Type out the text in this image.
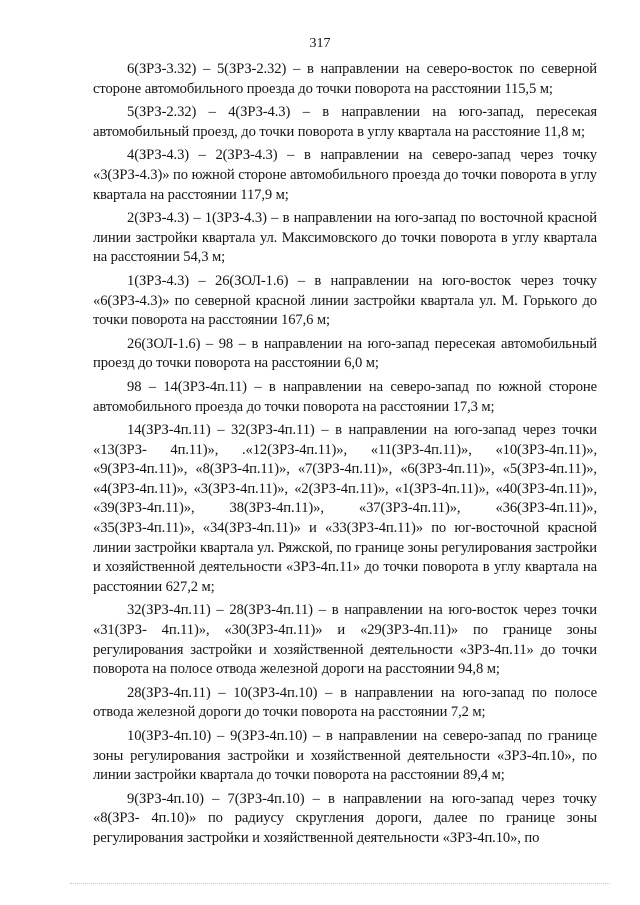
317

6(ЗРЗ-3.32) – 5(ЗРЗ-2.32) – в направлении на северо-восток по северной стороне автомобильного проезда до точки поворота на расстоянии 115,5 м;

5(ЗРЗ-2.32) – 4(ЗРЗ-4.3) – в направлении на юго-запад, пересекая автомобильный проезд, до точки поворота в углу квартала на расстояние 11,8 м;

4(ЗРЗ-4.3) – 2(ЗРЗ-4.3) – в направлении на северо-запад через точку «3(ЗРЗ-4.3)» по южной стороне автомобильного проезда до точки поворота в углу квартала на расстоянии 117,9 м;

2(ЗРЗ-4.3) – 1(ЗРЗ-4.3) – в направлении на юго-запад по восточной красной линии застройки квартала ул. Максимовского до точки поворота в углу квартала на расстоянии 54,3 м;

1(ЗРЗ-4.3) – 26(ЗОЛ-1.6) – в направлении на юго-восток через точку «6(ЗРЗ-4.3)» по северной красной линии застройки квартала ул. М. Горького до точки поворота на расстоянии 167,6 м;

26(ЗОЛ-1.6) – 98 – в направлении на юго-запад пересекая автомобильный проезд до точки поворота на расстоянии 6,0 м;

98 – 14(ЗРЗ-4п.11) – в направлении на северо-запад по южной стороне автомобильного проезда до точки поворота на расстоянии 17,3 м;

14(ЗРЗ-4п.11) – 32(ЗРЗ-4п.11) – в направлении на юго-запад через точки «13(ЗРЗ- 4п.11)», .«12(ЗРЗ-4п.11)», «11(ЗРЗ-4п.11)», «10(ЗРЗ-4п.11)», «9(ЗРЗ-4п.11)», «8(ЗРЗ-4п.11)», «7(ЗРЗ-4п.11)», «6(ЗРЗ-4п.11)», «5(ЗРЗ-4п.11)», «4(ЗРЗ-4п.11)», «3(ЗРЗ-4п.11)», «2(ЗРЗ-4п.11)», «1(ЗРЗ-4п.11)», «40(ЗРЗ-4п.11)», «39(ЗРЗ-4п.11)», 38(ЗРЗ-4п.11)», «37(ЗРЗ-4п.11)», «36(ЗРЗ-4п.11)», «35(ЗРЗ-4п.11)», «34(ЗРЗ-4п.11)» и «33(ЗРЗ-4п.11)» по юг-восточной красной линии застройки квартала ул. Ряжской, по границе зоны регулирования застройки и хозяйственной деятельности «ЗРЗ-4п.11» до точки поворота в углу квартала на расстоянии 627,2 м;

32(ЗРЗ-4п.11) – 28(ЗРЗ-4п.11) – в направлении на юго-восток через точки «31(ЗРЗ- 4п.11)», «30(ЗРЗ-4п.11)» и «29(ЗРЗ-4п.11)» по границе зоны регулирования застройки и хозяйственной деятельности «ЗРЗ-4п.11» до точки поворота на полосе отвода железной дороги на расстоянии 94,8 м;

28(ЗРЗ-4п.11) – 10(ЗРЗ-4п.10) – в направлении на юго-запад по полосе отвода железной дороги до точки поворота на расстоянии 7,2 м;

10(ЗРЗ-4п.10) – 9(ЗРЗ-4п.10) – в направлении на северо-запад по границе зоны регулирования застройки и хозяйственной деятельности «ЗРЗ-4п.10», по линии застройки квартала до точки поворота на расстоянии 89,4 м;

9(ЗРЗ-4п.10) – 7(ЗРЗ-4п.10) – в направлении на юго-запад через точку «8(ЗРЗ- 4п.10)» по радиусу скругления дороги, далее по границе зоны регулирования застройки и хозяйственной деятельности «ЗРЗ-4п.10», по
